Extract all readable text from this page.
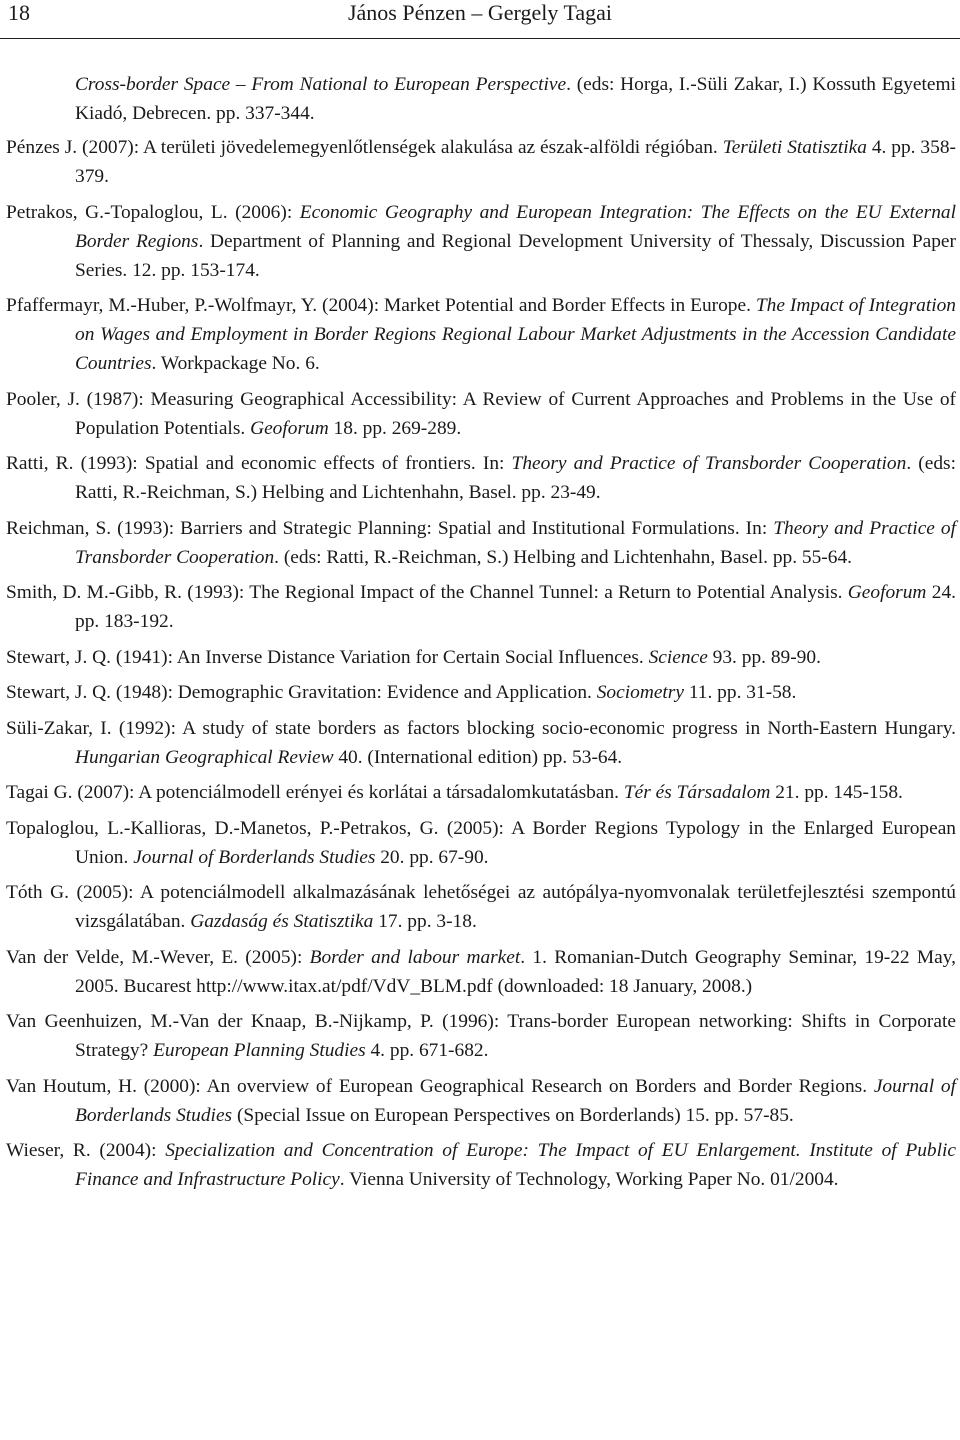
18	János Pénzen – Gergely Tagai

Cross-border Space – From National to European Perspective. (eds: Horga, I.-Süli Zakar, I.) Kossuth Egyetemi Kiadó, Debrecen. pp. 337-344.

Pénzes J. (2007): A területi jövedelemegyenlőtlenségek alakulása az észak-alföldi régióban. Területi Statisztika 4. pp. 358-379.

Petrakos, G.-Topaloglou, L. (2006): Economic Geography and European Integration: The Effects on the EU External Border Regions. Department of Planning and Regional Development University of Thessaly, Discussion Paper Series. 12. pp. 153-174.

Pfaffermayr, M.-Huber, P.-Wolfmayr, Y. (2004): Market Potential and Border Effects in Europe. The Impact of Integration on Wages and Employment in Border Regions Regional Labour Market Adjustments in the Accession Candidate Countries. Workpackage No. 6.

Pooler, J. (1987): Measuring Geographical Accessibility: A Review of Current Approaches and Problems in the Use of Population Potentials. Geoforum 18. pp. 269-289.

Ratti, R. (1993): Spatial and economic effects of frontiers. In: Theory and Practice of Transborder Cooperation. (eds: Ratti, R.-Reichman, S.) Helbing and Lichtenhahn, Basel. pp. 23-49.

Reichman, S. (1993): Barriers and Strategic Planning: Spatial and Institutional Formulations. In: Theory and Practice of Transborder Cooperation. (eds: Ratti, R.-Reichman, S.) Helbing and Lichtenhahn, Basel. pp. 55-64.

Smith, D. M.-Gibb, R. (1993): The Regional Impact of the Channel Tunnel: a Return to Potential Analysis. Geoforum 24. pp. 183-192.

Stewart, J. Q. (1941): An Inverse Distance Variation for Certain Social Influences. Science 93. pp. 89-90.

Stewart, J. Q. (1948): Demographic Gravitation: Evidence and Application. Sociometry 11. pp. 31-58.

Süli-Zakar, I. (1992): A study of state borders as factors blocking socio-economic progress in North-Eastern Hungary. Hungarian Geographical Review 40. (International edition) pp. 53-64.

Tagai G. (2007): A potenciálmodell erényei és korlátai a társadalomkutatásban. Tér és Társadalom 21. pp. 145-158.

Topaloglou, L.-Kallioras, D.-Manetos, P.-Petrakos, G. (2005): A Border Regions Typology in the Enlarged European Union. Journal of Borderlands Studies 20. pp. 67-90.

Tóth G. (2005): A potenciálmodell alkalmazásának lehetőségei az autópálya-nyomvonalak területfejlesztési szempontú vizsgálatában. Gazdaság és Statisztika 17. pp. 3-18.

Van der Velde, M.-Wever, E. (2005): Border and labour market. 1. Romanian-Dutch Geography Seminar, 19-22 May, 2005. Bucarest http://www.itax.at/pdf/VdV_BLM.pdf (downloaded: 18 January, 2008.)

Van Geenhuizen, M.-Van der Knaap, B.-Nijkamp, P. (1996): Trans-border European networking: Shifts in Corporate Strategy? European Planning Studies 4. pp. 671-682.

Van Houtum, H. (2000): An overview of European Geographical Research on Borders and Border Regions. Journal of Borderlands Studies (Special Issue on European Perspectives on Borderlands) 15. pp. 57-85.

Wieser, R. (2004): Specialization and Concentration of Europe: The Impact of EU Enlargement. Institute of Public Finance and Infrastructure Policy. Vienna University of Technology, Working Paper No. 01/2004.
